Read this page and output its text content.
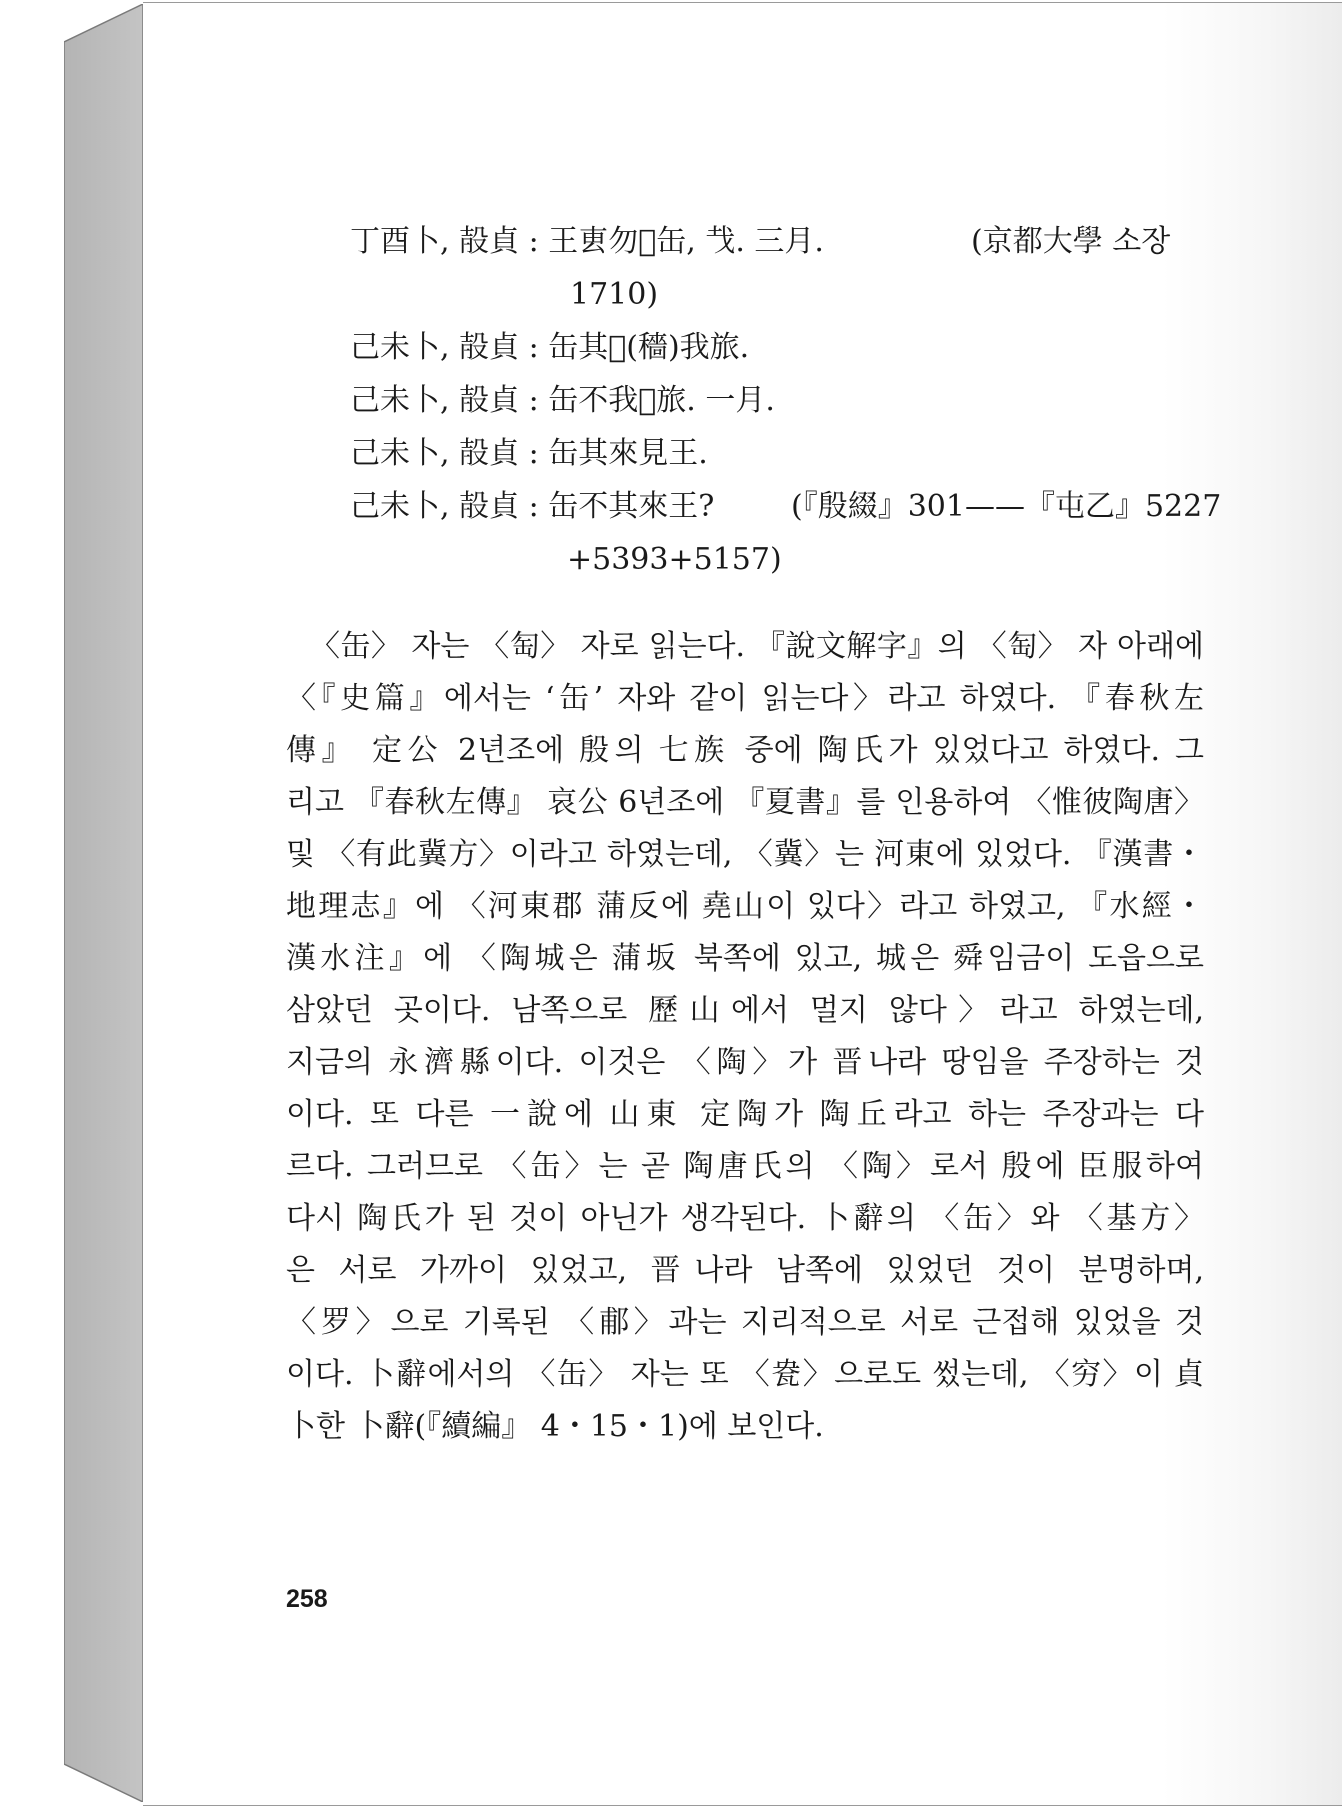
丁酉卜, 㱿貞 : 王叀勿𦎫缶, 𢦏. 三月.	(京都大學 소장
1710)
己未卜, 㱿貞 : 缶其𠤷(穡)我旅.
己未卜, 㱿貞 : 缶不我𠤷旅. 一月.
己未卜, 㱿貞 : 缶其來見王.
己未卜, 㱿貞 : 缶不其來王?	(『殷綴』301——『屯乙』5227
+5393+5157)
〈缶〉 자는 〈匋〉 자로 읽는다. 『說文解字』의 〈匋〉 자 아래에
〈『史篇』에서는 ‘缶’ 자와 같이 읽는다〉라고 하였다. 『春秋左
傳』 定公 2년조에 殷의 七族 중에 陶氏가 있었다고 하였다. 그
리고 『春秋左傳』 哀公 6년조에 『夏書』를 인용하여 〈惟彼陶唐〉
및 〈有此冀方〉이라고 하였는데, 〈冀〉는 河東에 있었다. 『漢書・
地理志』에 〈河東郡 蒲反에 堯山이 있다〉라고 하였고, 『水經・
漢水注』에 〈陶城은 蒲坂 북쪽에 있고, 城은 舜임금이 도읍으로
삼았던 곳이다. 남쪽으로 歷山에서 멀지 않다〉라고 하였는데,
지금의 永濟縣이다. 이것은 〈陶〉가 晋나라 땅임을 주장하는 것
이다. 또 다른 一說에 山東 定陶가 陶丘라고 하는 주장과는 다
르다. 그러므로 〈缶〉는 곧 陶唐氏의 〈陶〉로서 殷에 臣服하여
다시 陶氏가 된 것이 아닌가 생각된다. 卜辭의 〈缶〉와 〈基方〉
은 서로 가까이 있었고, 晋나라 남쪽에 있었던 것이 분명하며,
〈罗〉으로 기록된 〈郙〉과는 지리적으로 서로 근접해 있었을 것
이다. 卜辭에서의 〈缶〉 자는 또 〈㼜〉으로도 썼는데, 〈穷〉이 貞
卜한 卜辭(『續編』 4・15・1)에 보인다.
258
